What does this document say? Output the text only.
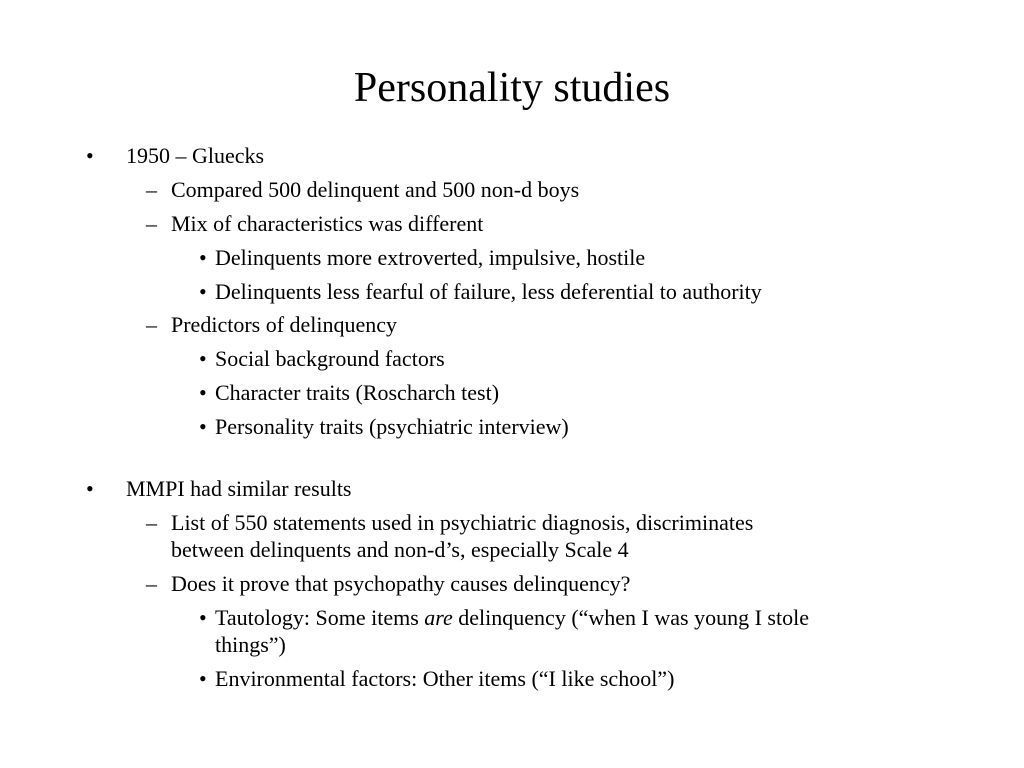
Personality studies
• 1950 – Gluecks
– Compared 500 delinquent and 500 non-d boys
– Mix of characteristics was different
• Delinquents more extroverted, impulsive, hostile
• Delinquents less fearful of failure, less deferential to authority
– Predictors of delinquency
• Social background factors
• Character traits (Roscharch test)
• Personality traits (psychiatric interview)
• MMPI had similar results
– List of 550 statements used in psychiatric diagnosis, discriminates
between delinquents and non-d’s, especially Scale 4
– Does it prove that psychopathy causes delinquency?
• Tautology: Some items are delinquency (“when I was young I stole
things”)
• Environmental factors: Other items (“I like school”)
